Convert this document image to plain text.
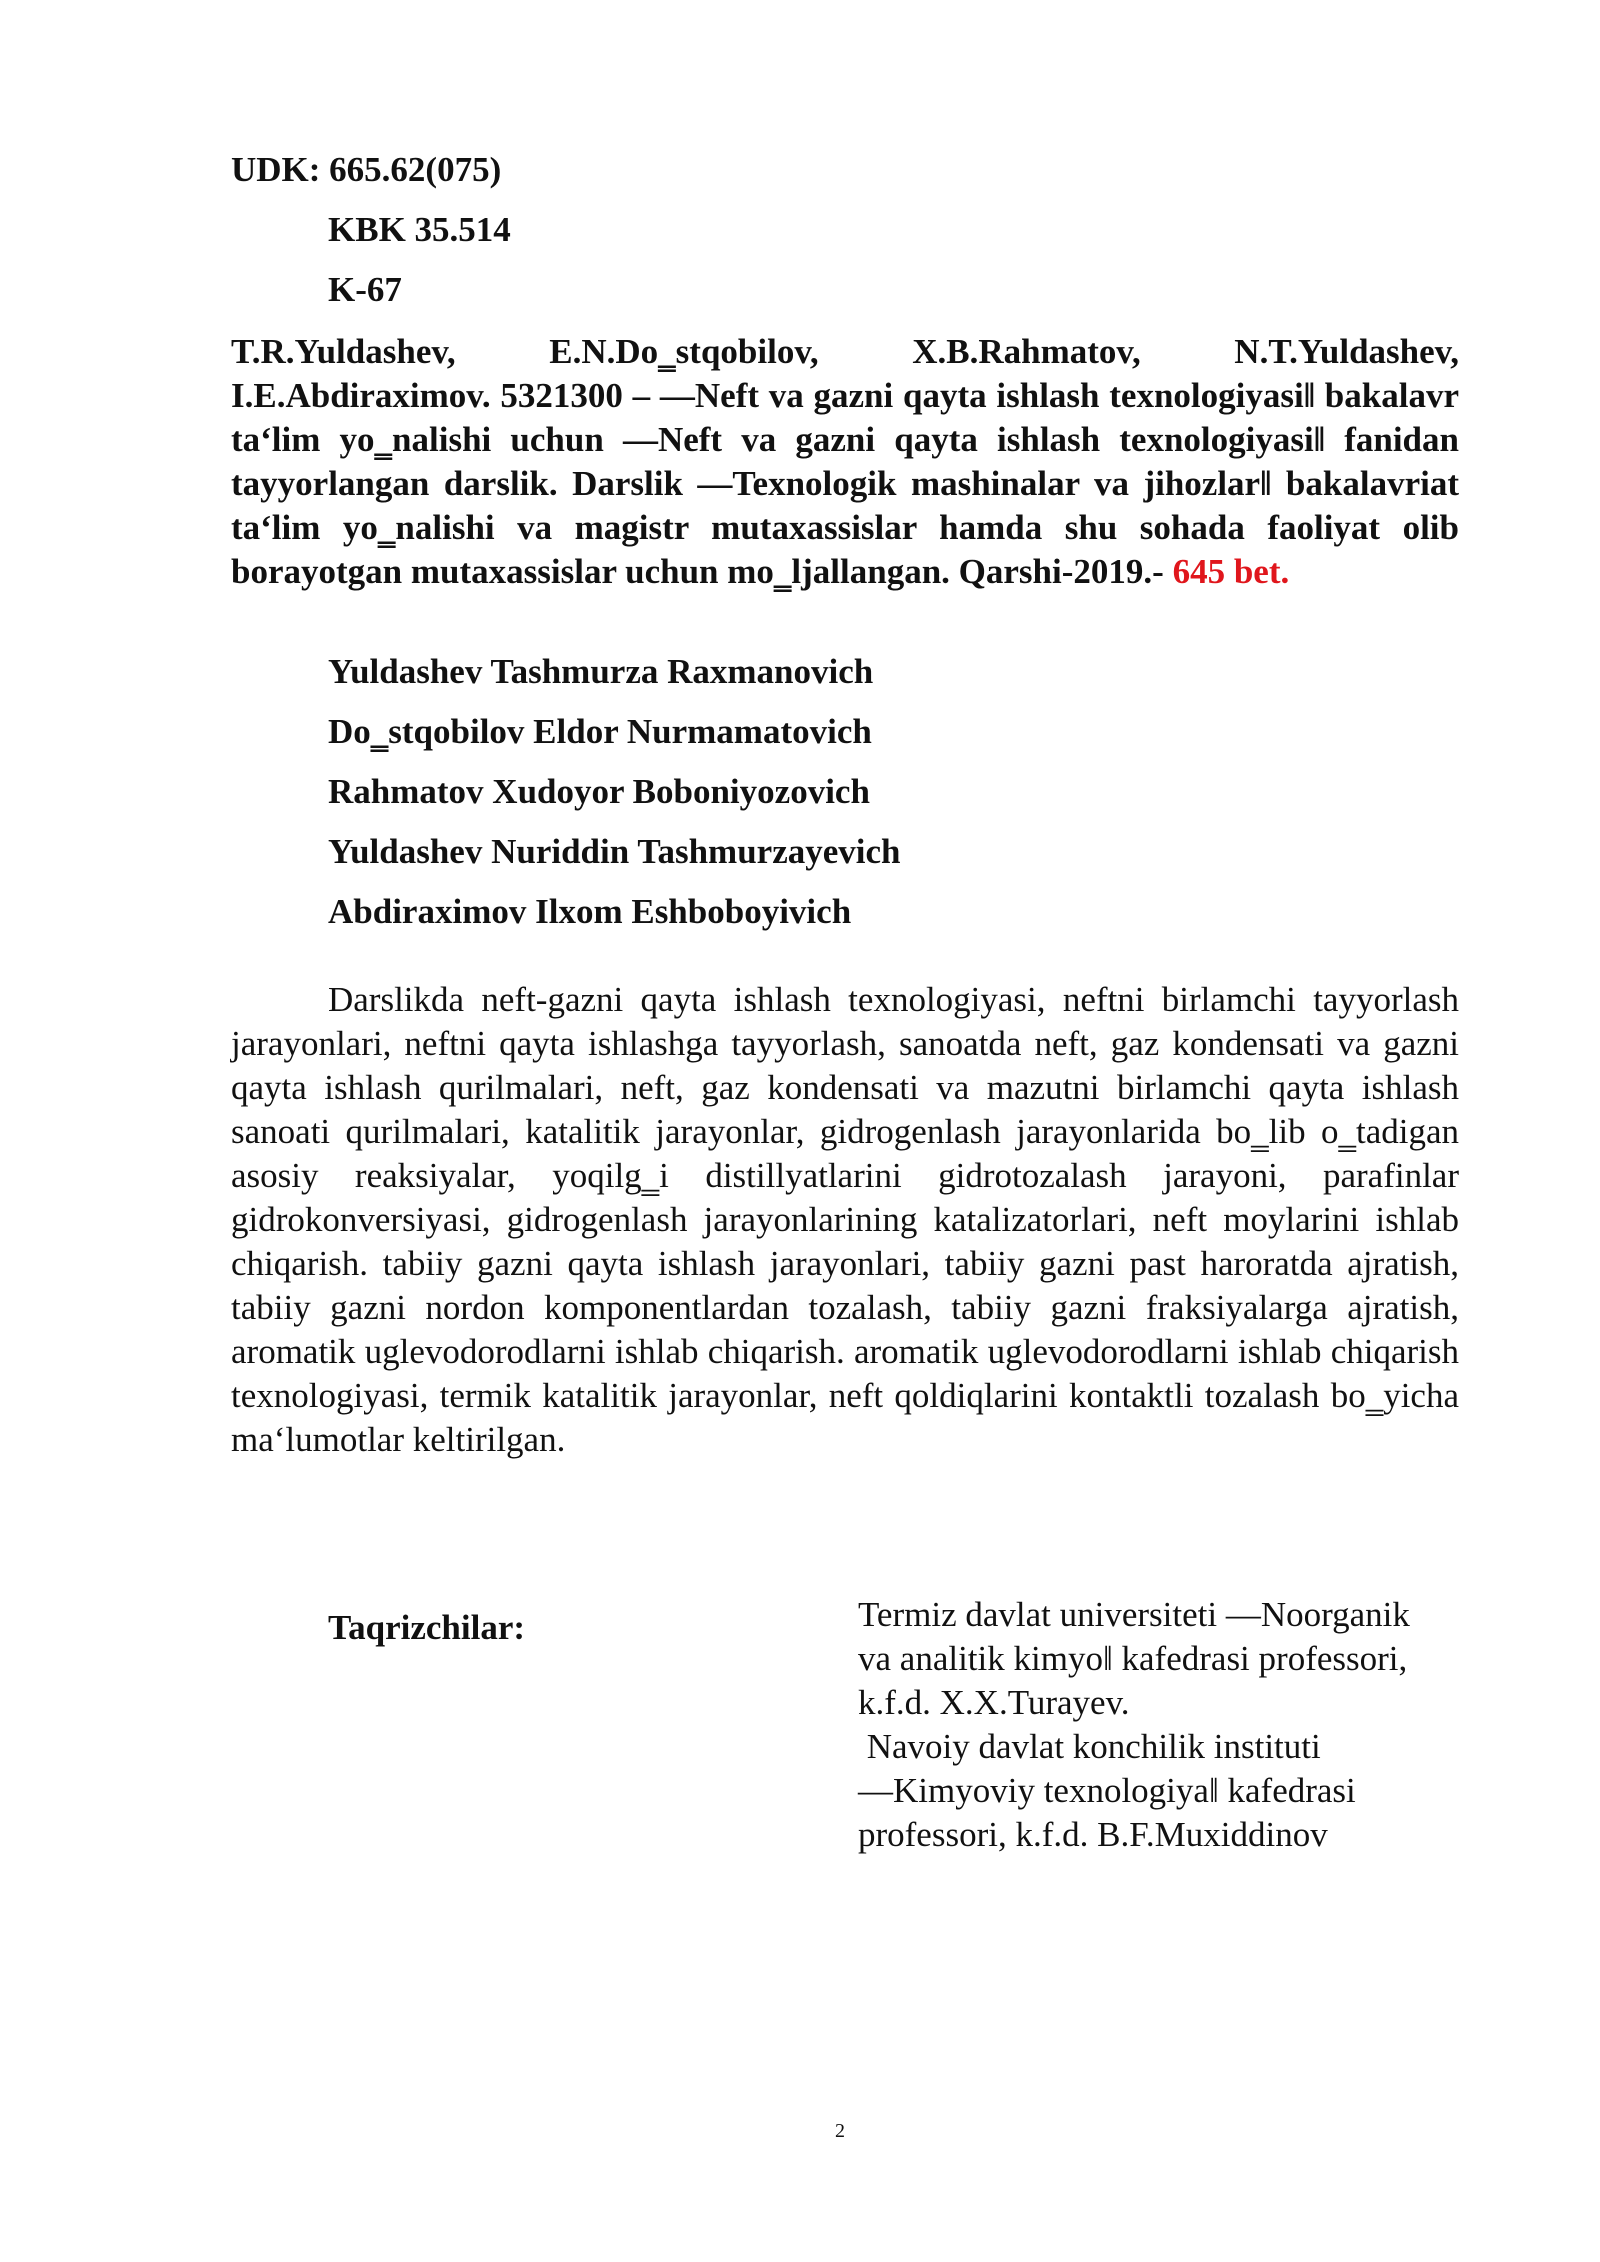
UDK: 665.62(075)
KBK 35.514
K-67
T.R.Yuldashev, E.N.Do‗stqobilov, X.B.Rahmatov, N.T.Yuldashev, I.E.Abdiraximov. 5321300 – ―Neft va gazni qayta ishlash texnologiyasi‖ bakalavr ta‘lim yo‗nalishi uchun ―Neft va gazni qayta ishlash texnologiyasi‖ fanidan tayyorlangan darslik. Darslik ―Texnologik mashinalar va jihozlar‖ bakalavriat ta‘lim yo‗nalishi va magistr mutaxassislar hamda shu sohada faoliyat olib borayotgan mutaxassislar uchun mo‗ljallangan. Qarshi-2019.- 645 bet.
Yuldashev Tashmurza Raxmanovich
Do‗stqobilov Eldor Nurmamatovich
Rahmatov Xudoyor Boboniyozovich
Yuldashev Nuriddin Tashmurzayevich
Abdiraximov Ilxom Eshboboyivich
Darslikda neft-gazni qayta ishlash texnologiyasi, neftni birlamchi tayyorlash jarayonlari, neftni qayta ishlashga tayyorlash, sanoatda neft, gaz kondensati va gazni qayta ishlash qurilmalari, neft, gaz kondensati va mazutni birlamchi qayta ishlash sanoati qurilmalari, katalitik jarayonlar, gidrogenlash jarayonlarida bo‗lib o‗tadigan asosiy reaksiyalar, yoqilg‗i distillyatlarini gidrotozalash jarayoni, parafinlar gidrokonversiyasi, gidrogenlash jarayonlarining katalizatorlari, neft moylarini ishlab chiqarish. tabiiy gazni qayta ishlash jarayonlari, tabiiy gazni past haroratda ajratish, tabiiy gazni nordon komponentlardan tozalash, tabiiy gazni fraksiyalarga ajratish, aromatik uglevodorodlarni ishlab chiqarish. aromatik uglevodorodlarni ishlab chiqarish texnologiyasi, termik katalitik jarayonlar, neft qoldiqlarini kontaktli tozalash bo‗yicha ma‘lumotlar keltirilgan.
Taqrizchilar:	Termiz davlat universiteti ―Noorganik
va analitik kimyo‖ kafedrasi professori,
k.f.d. X.X.Turayev.
Navoiy davlat konchilik instituti
―Kimyoviy texnologiya‖ kafedrasi
professori, k.f.d. B.F.Muxiddinov
2
